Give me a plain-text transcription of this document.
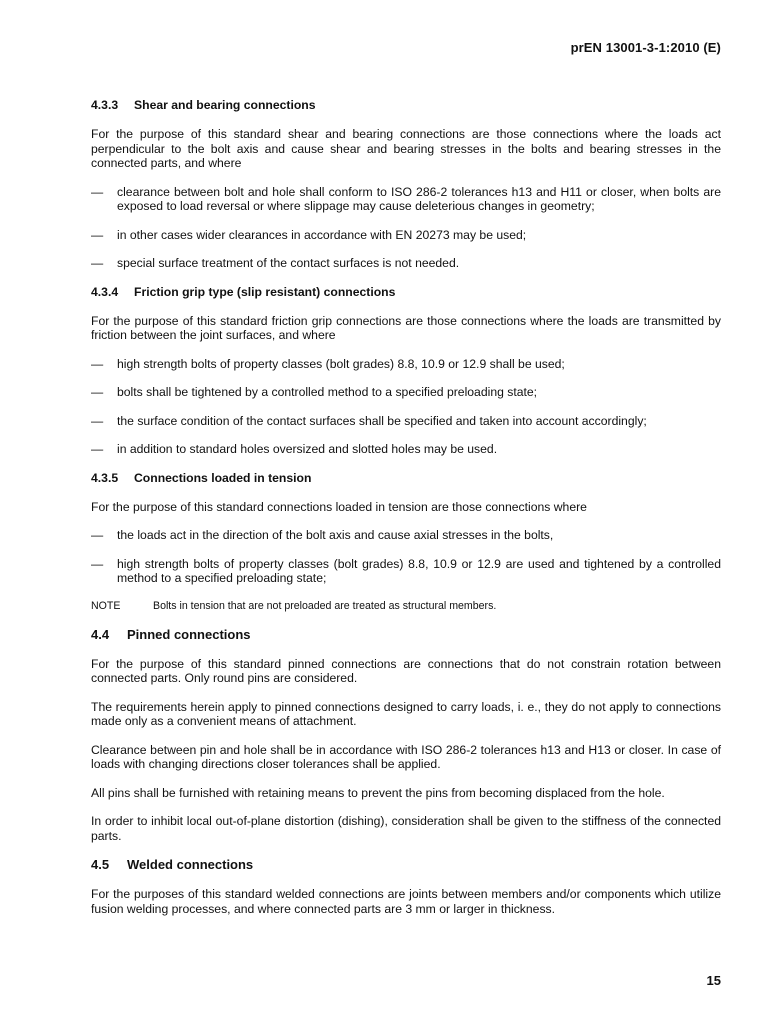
prEN 13001-3-1:2010 (E)
4.3.3 Shear and bearing connections
For the purpose of this standard shear and bearing connections are those connections where the loads act perpendicular to the bolt axis and cause shear and bearing stresses in the bolts and bearing stresses in the connected parts, and where
—	clearance between bolt and hole shall conform to ISO 286-2 tolerances h13 and H11 or closer, when bolts are exposed to load reversal or where slippage may cause deleterious changes in geometry;
—	in other cases wider clearances in accordance with EN 20273 may be used;
—	special surface treatment of the contact surfaces is not needed.
4.3.4 Friction grip type (slip resistant) connections
For the purpose of this standard friction grip connections are those connections where the loads are transmitted by friction between the joint surfaces, and where
—	high strength bolts of property classes (bolt grades) 8.8, 10.9 or 12.9 shall be used;
—	bolts shall be tightened by a controlled method to a specified preloading state;
—	the surface condition of the contact surfaces shall be specified and taken into account accordingly;
—	in addition to standard holes oversized and slotted holes may be used.
4.3.5 Connections loaded in tension
For the purpose of this standard connections loaded in tension are those connections where
—	the loads act in the direction of the bolt axis and cause axial stresses in the bolts,
—	high strength bolts of property classes (bolt grades) 8.8, 10.9 or 12.9 are used and tightened by a controlled method to a specified preloading state;
NOTE	Bolts in tension that are not preloaded are treated as structural members.
4.4 Pinned connections
For the purpose of this standard pinned connections are connections that do not constrain rotation between connected parts. Only round pins are considered.
The requirements herein apply to pinned connections designed to carry loads, i. e., they do not apply to connections made only as a convenient means of attachment.
Clearance between pin and hole shall be in accordance with ISO 286-2 tolerances h13 and H13 or closer. In case of loads with changing directions closer tolerances shall be applied.
All pins shall be furnished with retaining means to prevent the pins from becoming displaced from the hole.
In order to inhibit local out-of-plane distortion (dishing), consideration shall be given to the stiffness of the connected parts.
4.5 Welded connections
For the purposes of this standard welded connections are joints between members and/or components which utilize fusion welding processes, and where connected parts are 3 mm or larger in thickness.
15
